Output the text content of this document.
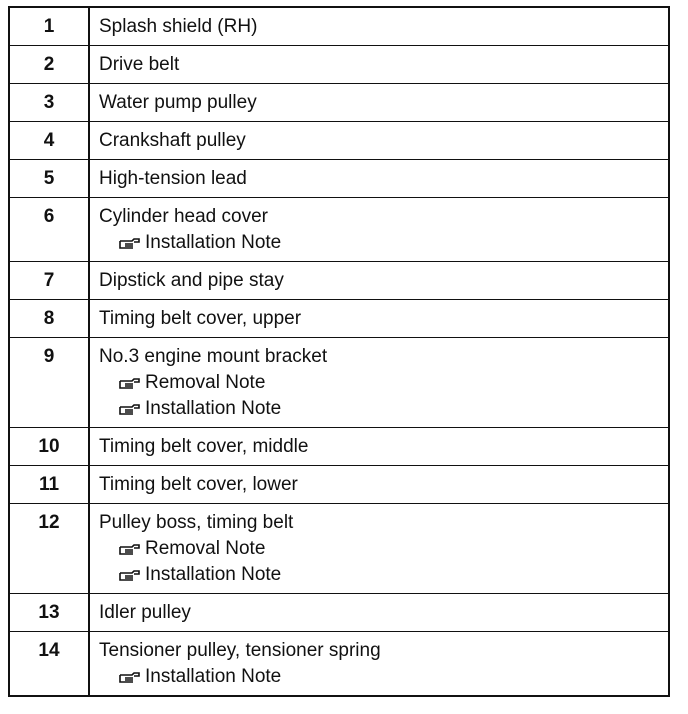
1	Splash shield (RH)

2	Drive belt

3	Water pump pulley

4	Crankshaft pulley

5	High-tension lead

6	Cylinder head cover
Installation Note

7	Dipstick and pipe stay

8	Timing belt cover, upper

9	No.3 engine mount bracket
Removal Note
Installation Note

10	Timing belt cover, middle

11	Timing belt cover, lower

12	Pulley boss, timing belt
Removal Note
Installation Note

13	Idler pulley

14	Tensioner pulley, tensioner spring
Installation Note
